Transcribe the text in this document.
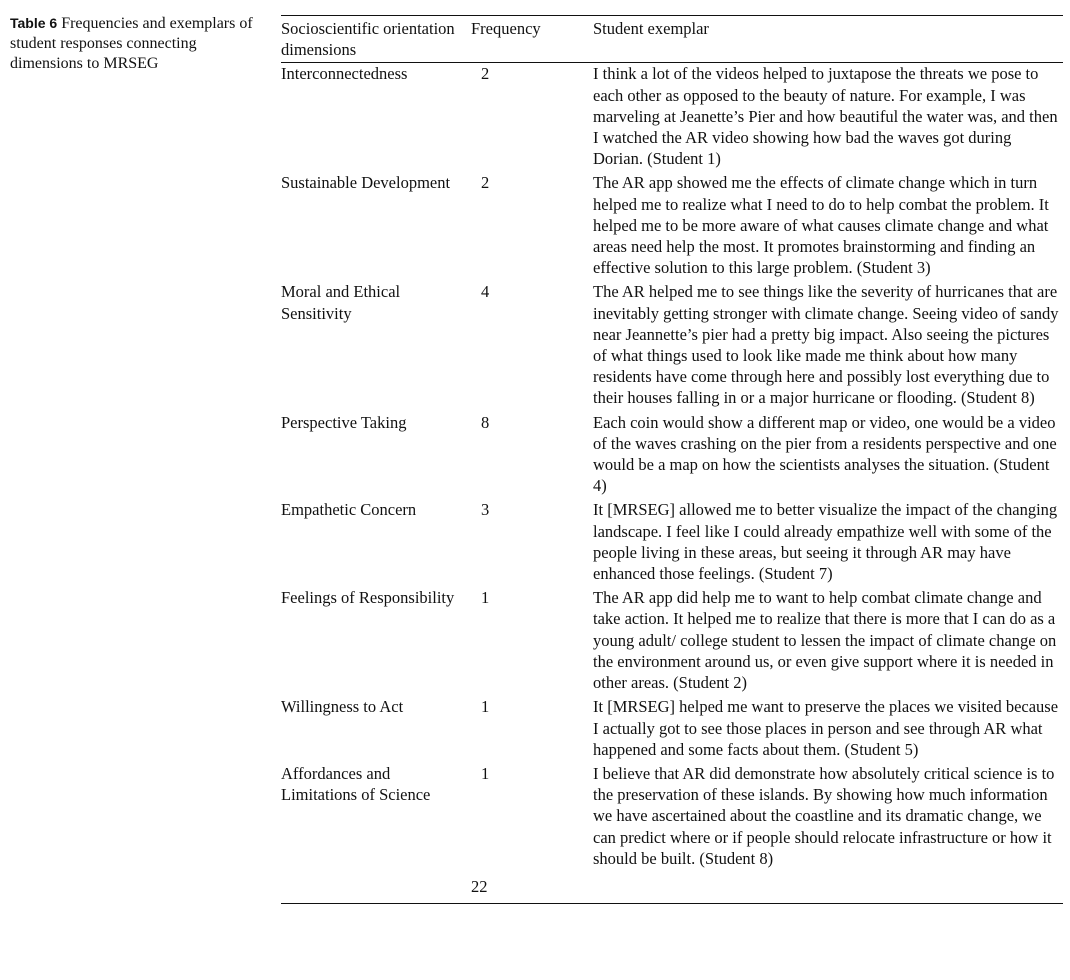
Table 6 Frequencies and exemplars of student responses connecting dimensions to MRSEG
Socioscientific orientation dimensions	Frequency	Student exemplar
Interconnectedness	2	I think a lot of the videos helped to juxtapose the threats we pose to each other as opposed to the beauty of nature. For example, I was marveling at Jeanette’s Pier and how beautiful the water was, and then I watched the AR video showing how bad the waves got during Dorian. (Student 1)
Sustainable Development	2	The AR app showed me the effects of climate change which in turn helped me to realize what I need to do to help combat the problem. It helped me to be more aware of what causes climate change and what areas need help the most. It promotes brainstorming and finding an effective solution to this large problem. (Student 3)
Moral and Ethical Sensitivity	4	The AR helped me to see things like the severity of hurricanes that are inevitably getting stronger with climate change. Seeing video of sandy near Jeannette’s pier had a pretty big impact. Also seeing the pictures of what things used to look like made me think about how many residents have come through here and possibly lost everything due to their houses falling in or a major hurricane or flooding. (Student 8)
Perspective Taking	8	Each coin would show a different map or video, one would be a video of the waves crashing on the pier from a residents perspective and one would be a map on how the scientists analyses the situation. (Student 4)
Empathetic Concern	3	It [MRSEG] allowed me to better visualize the impact of the changing landscape. I feel like I could already empathize well with some of the people living in these areas, but seeing it through AR may have enhanced those feelings. (Student 7)
Feelings of Responsibility	1	The AR app did help me to want to help combat climate change and take action. It helped me to realize that there is more that I can do as a young adult/ college student to lessen the impact of climate change on the environment around us, or even give support where it is needed in other areas. (Student 2)
Willingness to Act	1	It [MRSEG] helped me want to preserve the places we visited because I actually got to see those places in person and see through AR what happened and some facts about them. (Student 5)
Affordances and Limitations of Science	1	I believe that AR did demonstrate how absolutely critical science is to the preservation of these islands. By showing how much information we have ascertained about the coastline and its dramatic change, we can predict where or if people should relocate infrastructure or how it should be built. (Student 8)
	22	
